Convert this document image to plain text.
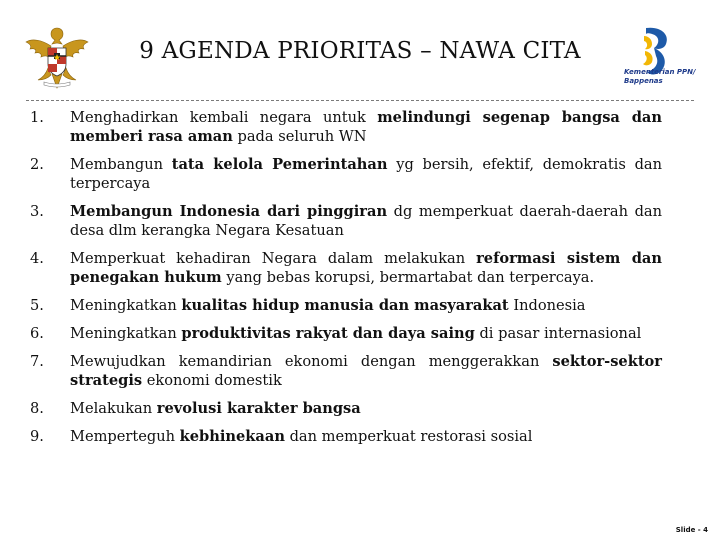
Kementerian PPN/
Bappenas
9 AGENDA PRIORITAS – NAWA CITA
1. Menghadirkan kembali negara untuk melindungi segenap bangsa dan memberi rasa aman pada seluruh WN
2. Membangun tata kelola Pemerintahan yg bersih, efektif, demokratis dan terpercaya
3. Membangun Indonesia dari pinggiran dg memperkuat daerah-daerah dan desa dlm kerangka Negara Kesatuan
4. Memperkuat kehadiran Negara dalam melakukan reformasi sistem dan penegakan hukum yang bebas korupsi, bermartabat dan terpercaya.
5. Meningkatkan kualitas hidup manusia dan masyarakat Indonesia
6. Meningkatkan produktivitas rakyat dan daya saing di pasar internasional
7. Mewujudkan kemandirian ekonomi dengan menggerakkan sektor-sektor strategis ekonomi domestik
8. Melakukan revolusi karakter bangsa
9. Memperteguh kebhinekaan dan memperkuat restorasi sosial
Slide - 4
